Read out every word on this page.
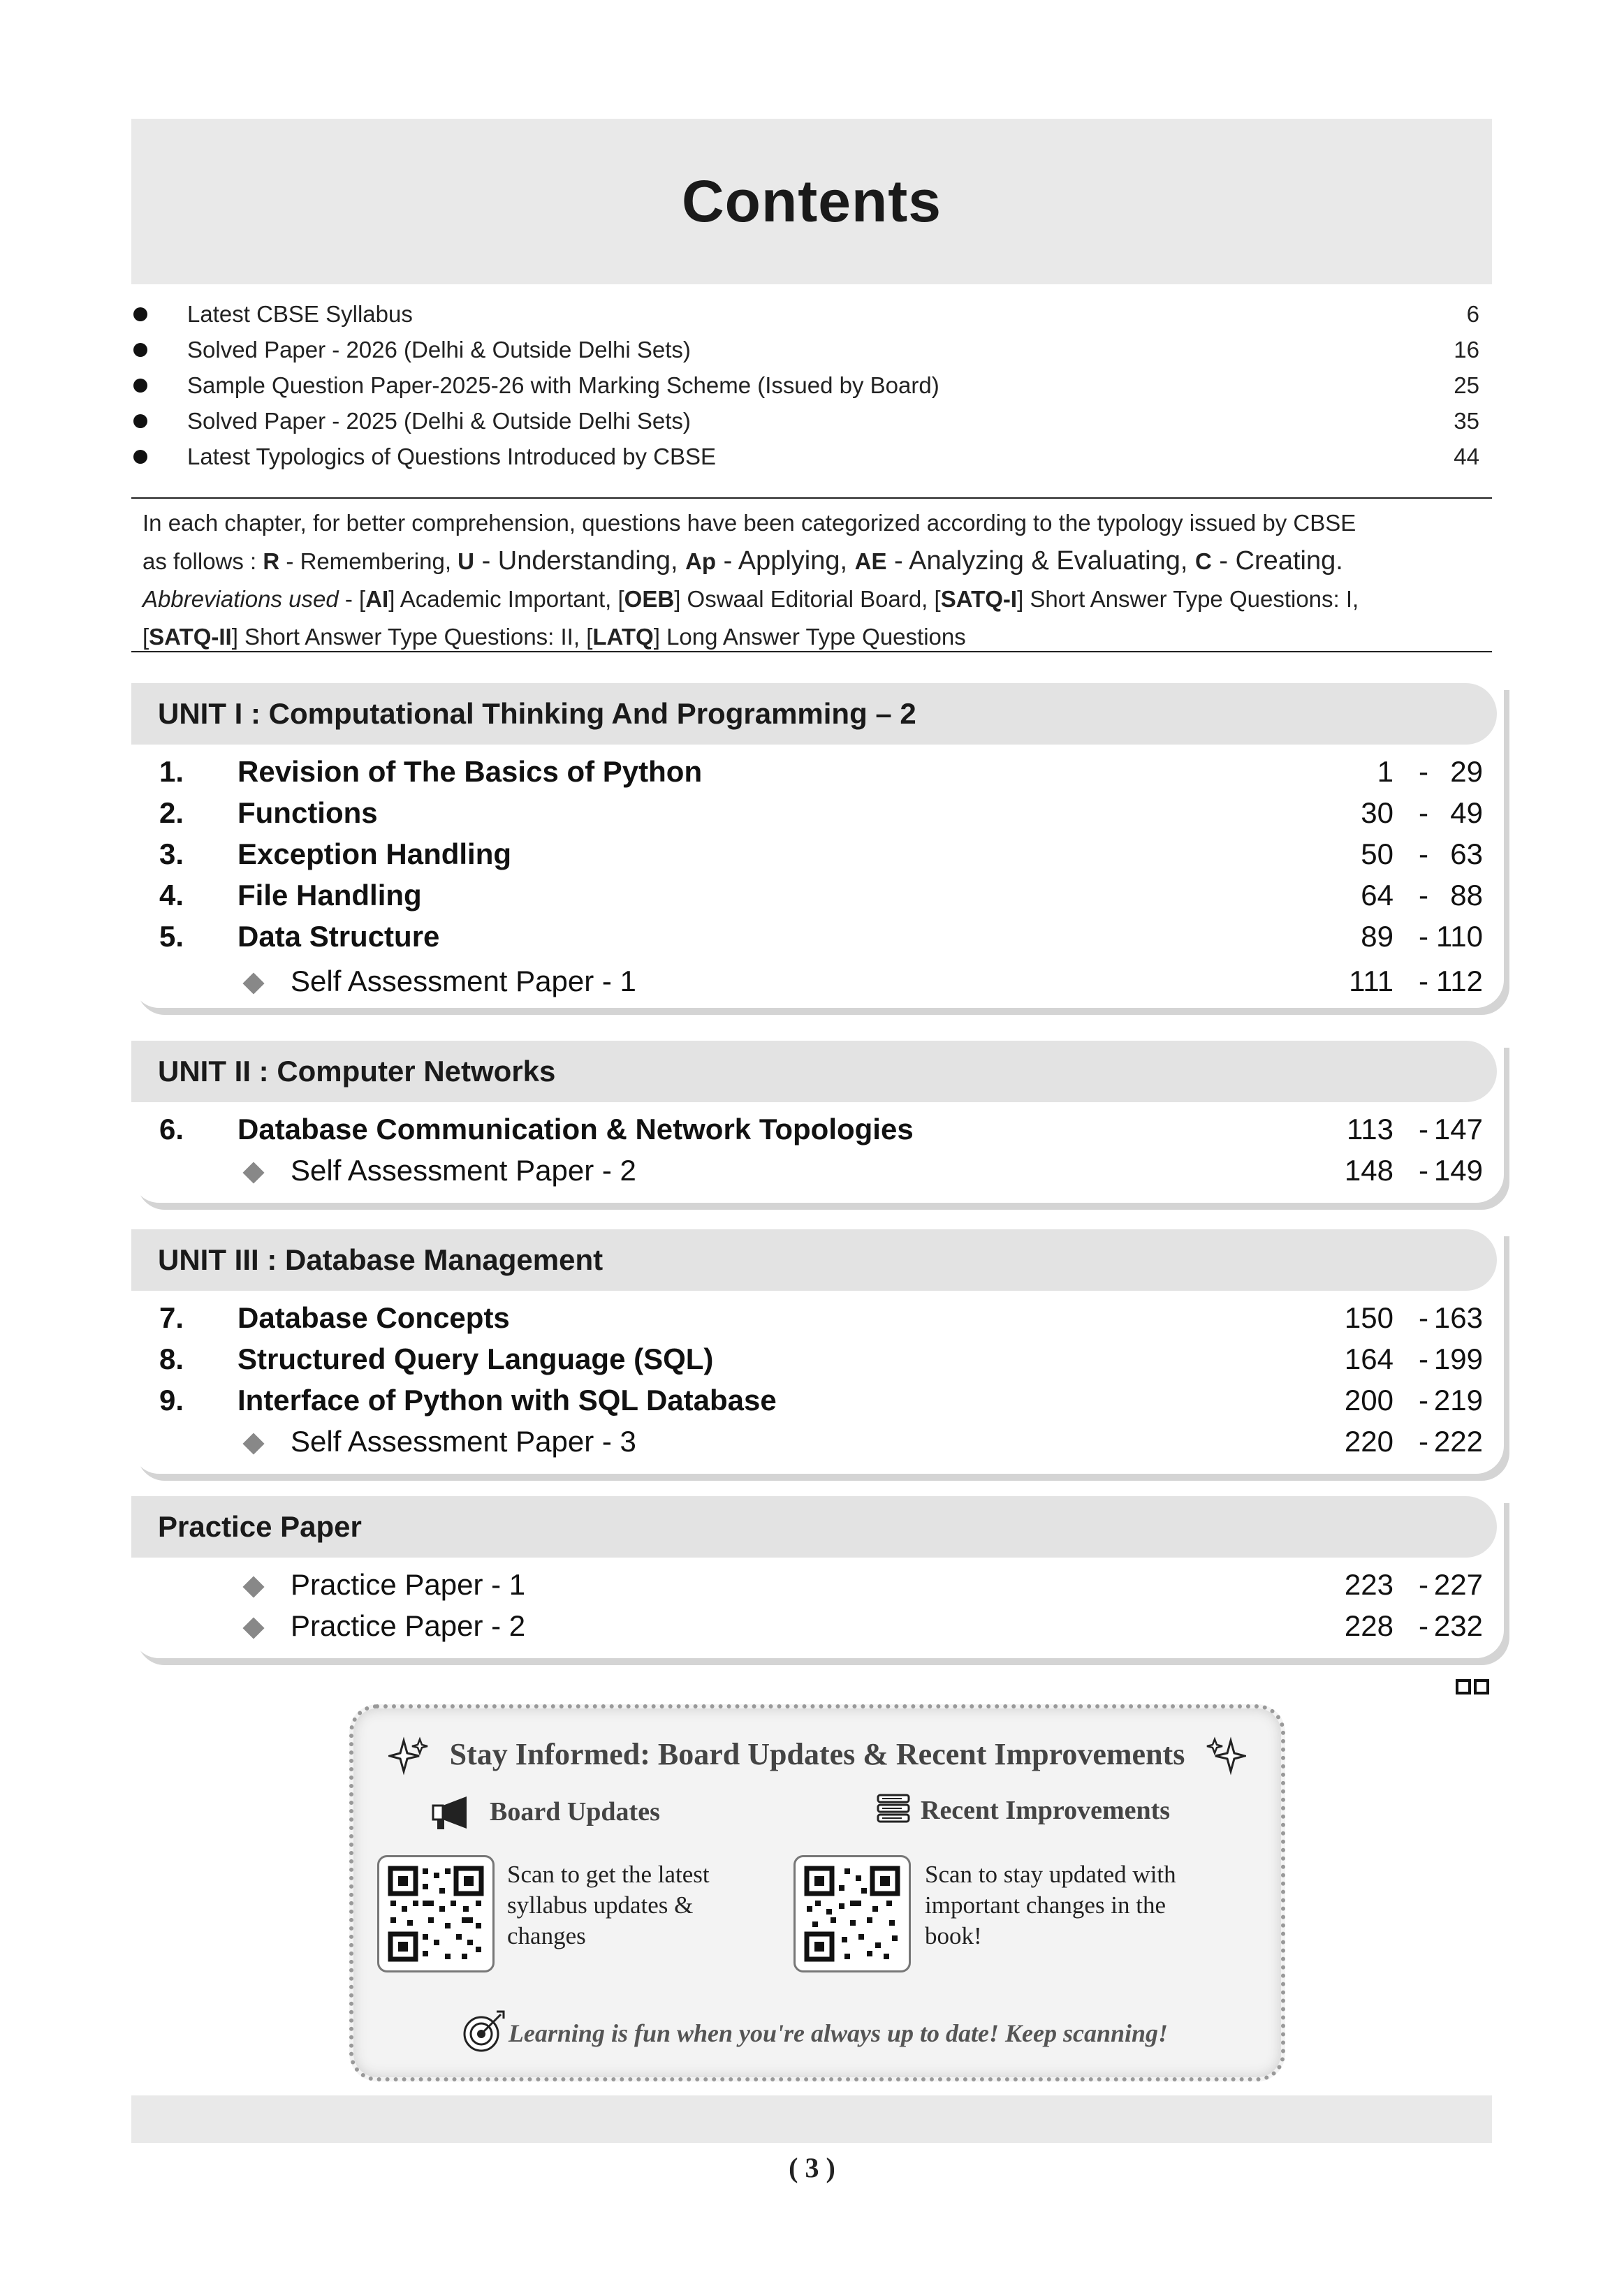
Contents
Latest CBSE Syllabus	6
Solved Paper - 2026 (Delhi & Outside Delhi Sets)	16
Sample Question Paper-2025-26 with Marking Scheme (Issued by Board)	25
Solved Paper - 2025 (Delhi & Outside Delhi Sets)	35
Latest Typologics of Questions Introduced by CBSE	44
In each chapter, for better comprehension, questions have been categorized according to the typology issued by CBSE
as follows : R - Remembering, U - Understanding, Ap - Applying, AE - Analyzing & Evaluating, C - Creating.
Abbreviations used - [AI] Academic Important, [OEB] Oswaal Editorial Board, [SATQ-I] Short Answer Type Questions: I,
[SATQ-II] Short Answer Type Questions: II, [LATQ] Long Answer Type Questions
UNIT I : Computational Thinking And Programming – 2
1. Revision of The Basics of Python	1 - 29
2. Functions	30 - 49
3. Exception Handling	50 - 63
4. File Handling	64 - 88
5. Data Structure	89 - 110
Self Assessment Paper - 1	111 - 112
UNIT II : Computer Networks
6. Database Communication & Network Topologies	113 - 147
Self Assessment Paper - 2	148 - 149
UNIT III : Database Management
7. Database Concepts	150 - 163
8. Structured Query Language (SQL)	164 - 199
9. Interface of Python with SQL Database	200 - 219
Self Assessment Paper - 3	220 - 222
Practice Paper
Practice Paper - 1	223 - 227
Practice Paper - 2	228 - 232
Stay Informed: Board Updates & Recent Improvements
Board Updates	Recent Improvements
Scan to get the latest syllabus updates & changes
Scan to stay updated with important changes in the book!
Learning is fun when you're always up to date! Keep scanning!
( 3 )
